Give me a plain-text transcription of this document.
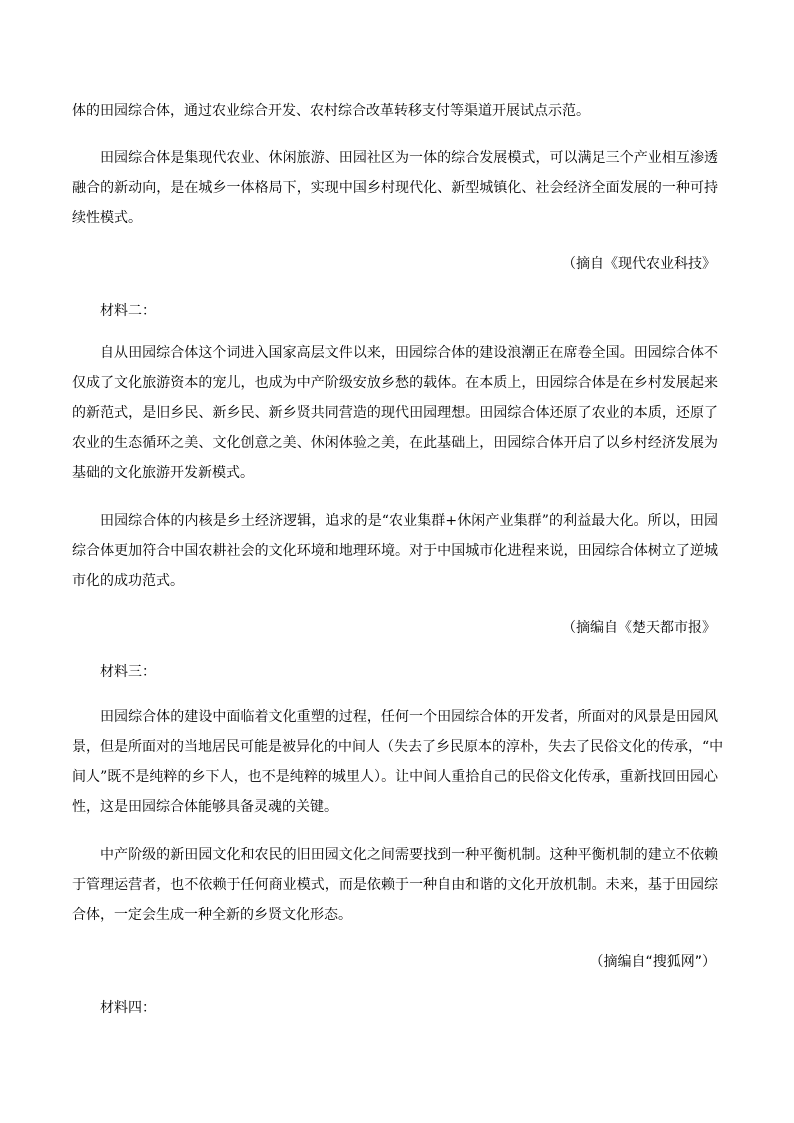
体的田园综合体，通过农业综合开发、农村综合改革转移支付等渠道开展试点示范。
田园综合体是集现代农业、休闲旅游、田园社区为一体的综合发展模式，可以满足三个产业相互渗透
融合的新动向，是在城乡一体格局下，实现中国乡村现代化、新型城镇化、社会经济全面发展的一种可持
续性模式。
（摘自《现代农业科技》
材料二：
自从田园综合体这个词进入国家高层文件以来，田园综合体的建设浪潮正在席卷全国。田园综合体不
仅成了文化旅游资本的宠儿，也成为中产阶级安放乡愁的载体。在本质上，田园综合体是在乡村发展起来
的新范式，是旧乡民、新乡民、新乡贤共同营造的现代田园理想。田园综合体还原了农业的本质，还原了
农业的生态循环之美、文化创意之美、休闲体验之美，在此基础上，田园综合体开启了以乡村经济发展为
基础的文化旅游开发新模式。
田园综合体的内核是乡土经济逻辑，追求的是“农业集群+休闲产业集群”的利益最大化。所以，田园
综合体更加符合中国农耕社会的文化环境和地理环境。对于中国城市化进程来说，田园综合体树立了逆城
市化的成功范式。
（摘编自《楚天都市报》
材料三：
田园综合体的建设中面临着文化重塑的过程，任何一个田园综合体的开发者，所面对的风景是田园风
景，但是所面对的当地居民可能是被异化的中间人（失去了乡民原本的淳朴，失去了民俗文化的传承，“中
间人”既不是纯粹的乡下人，也不是纯粹的城里人）。让中间人重拾自己的民俗文化传承，重新找回田园心
性，这是田园综合体能够具备灵魂的关键。
中产阶级的新田园文化和农民的旧田园文化之间需要找到一种平衡机制。这种平衡机制的建立不依赖
于管理运营者，也不依赖于任何商业模式，而是依赖于一种自由和谐的文化开放机制。未来，基于田园综
合体，一定会生成一种全新的乡贤文化形态。
（摘编自“搜狐网”）
材料四：
